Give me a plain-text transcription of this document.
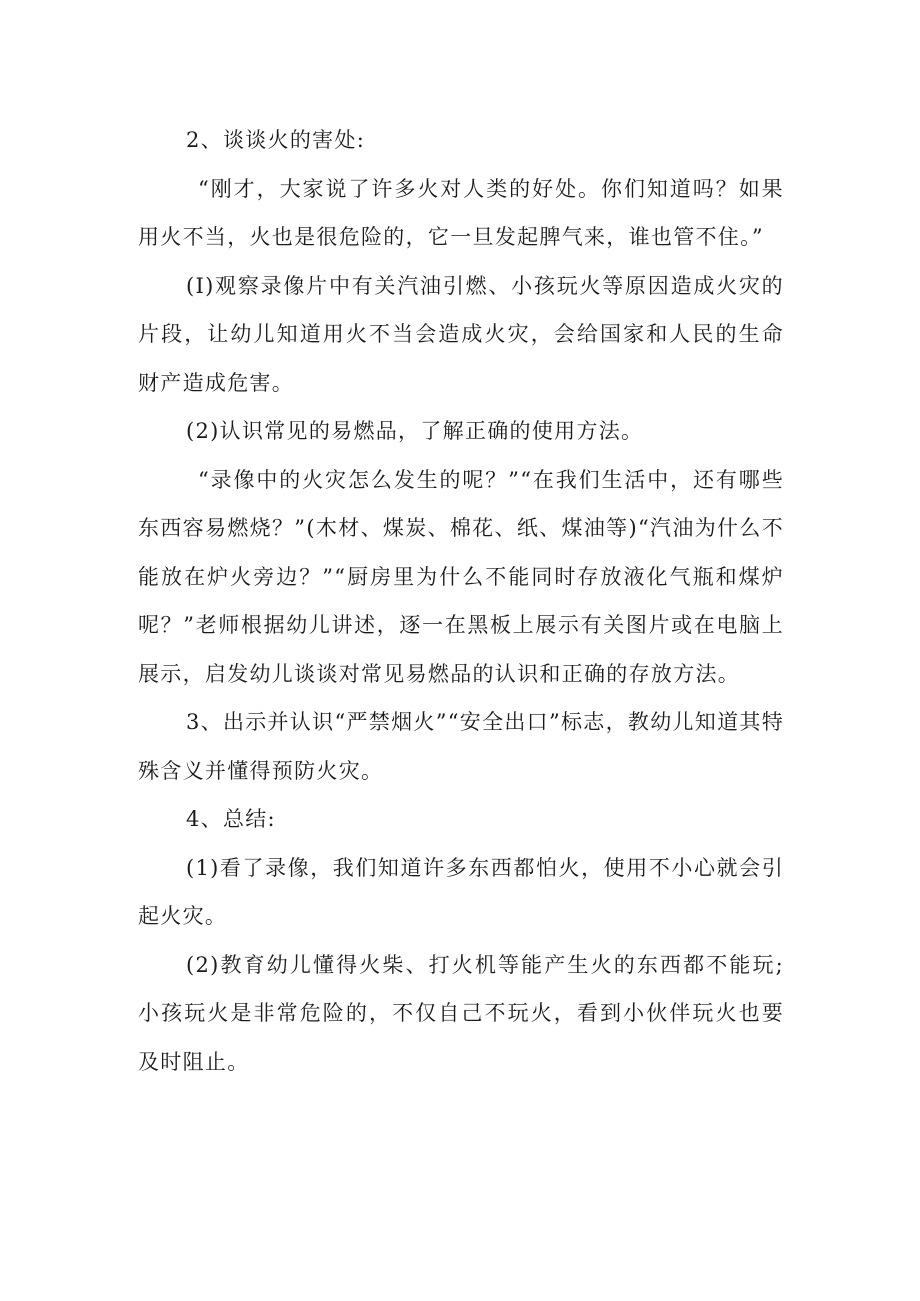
2、谈谈火的害处:

“刚才，大家说了许多火对人类的好处。你们知道吗？如果用火不当，火也是很危险的，它一旦发起脾气来，谁也管不住。”

(I)观察录像片中有关汽油引燃、小孩玩火等原因造成火灾的片段，让幼儿知道用火不当会造成火灾，会给国家和人民的生命财产造成危害。

(2)认识常见的易燃品，了解正确的使用方法。

“录像中的火灾怎么发生的呢？”“在我们生活中，还有哪些东西容易燃烧？”(木材、煤炭、棉花、纸、煤油等)“汽油为什么不能放在炉火旁边？”“厨房里为什么不能同时存放液化气瓶和煤炉呢？”老师根据幼儿讲述，逐一在黑板上展示有关图片或在电脑上展示，启发幼儿谈谈对常见易燃品的认识和正确的存放方法。

3、出示并认识“严禁烟火”“安全出口”标志，教幼儿知道其特殊含义并懂得预防火灾。

4、总结:

(1)看了录像，我们知道许多东西都怕火，使用不小心就会引起火灾。

(2)教育幼儿懂得火柴、打火机等能产生火的东西都不能玩;小孩玩火是非常危险的，不仅自己不玩火，看到小伙伴玩火也要及时阻止。
